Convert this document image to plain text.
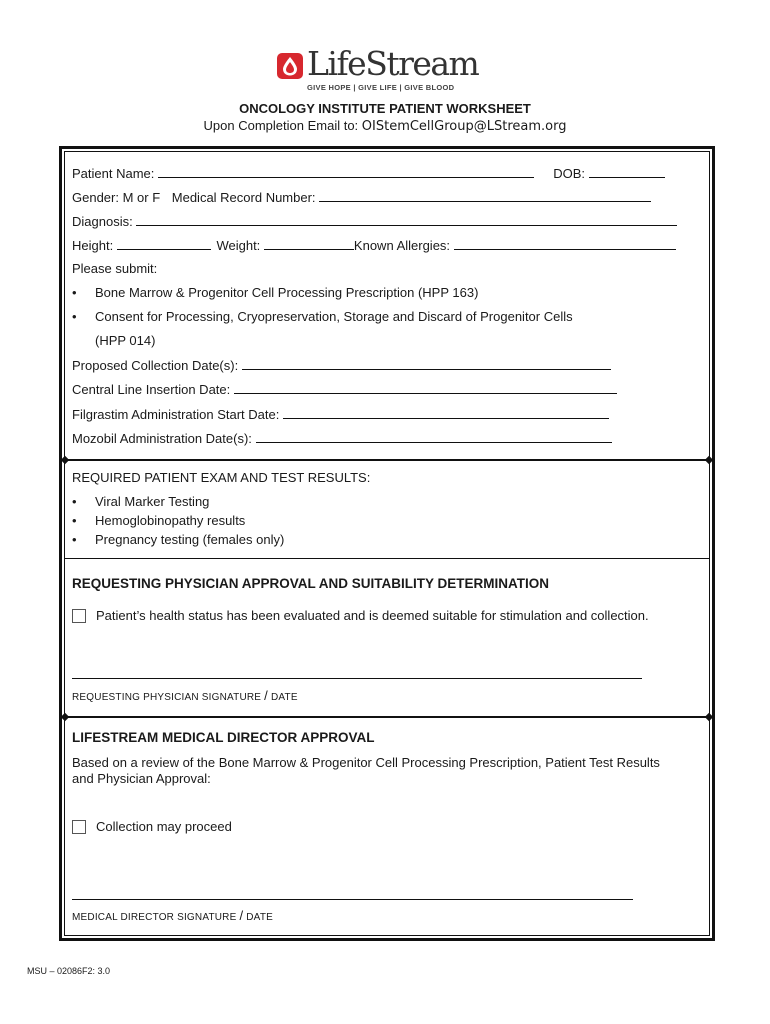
LifeStream
GIVE HOPE | GIVE LIFE | GIVE BLOOD
ONCOLOGY INSTITUTE PATIENT WORKSHEET
Upon Completion Email to: OIStemCellGroup@LStream.org
Patient Name:	DOB:
Gender: M or F Medical Record Number:
Diagnosis:
Height:	Weight:	Known Allergies:
Please submit:
• Bone Marrow & Progenitor Cell Processing Prescription (HPP 163)
• Consent for Processing, Cryopreservation, Storage and Discard of Progenitor Cells
(HPP 014)
Proposed Collection Date(s):
Central Line Insertion Date:
Filgrastim Administration Start Date:
Mozobil Administration Date(s):
REQUIRED PATIENT EXAM AND TEST RESULTS:
• Viral Marker Testing
• Hemoglobinopathy results
• Pregnancy testing (females only)
REQUESTING PHYSICIAN APPROVAL AND SUITABILITY DETERMINATION
Patient’s health status has been evaluated and is deemed suitable for stimulation and collection.
REQUESTING PHYSICIAN SIGNATURE / DATE
LIFESTREAM MEDICAL DIRECTOR APPROVAL
Based on a review of the Bone Marrow & Progenitor Cell Processing Prescription, Patient Test Results
and Physician Approval:
Collection may proceed
MEDICAL DIRECTOR SIGNATURE / DATE
MSU – 02086F2: 3.0
